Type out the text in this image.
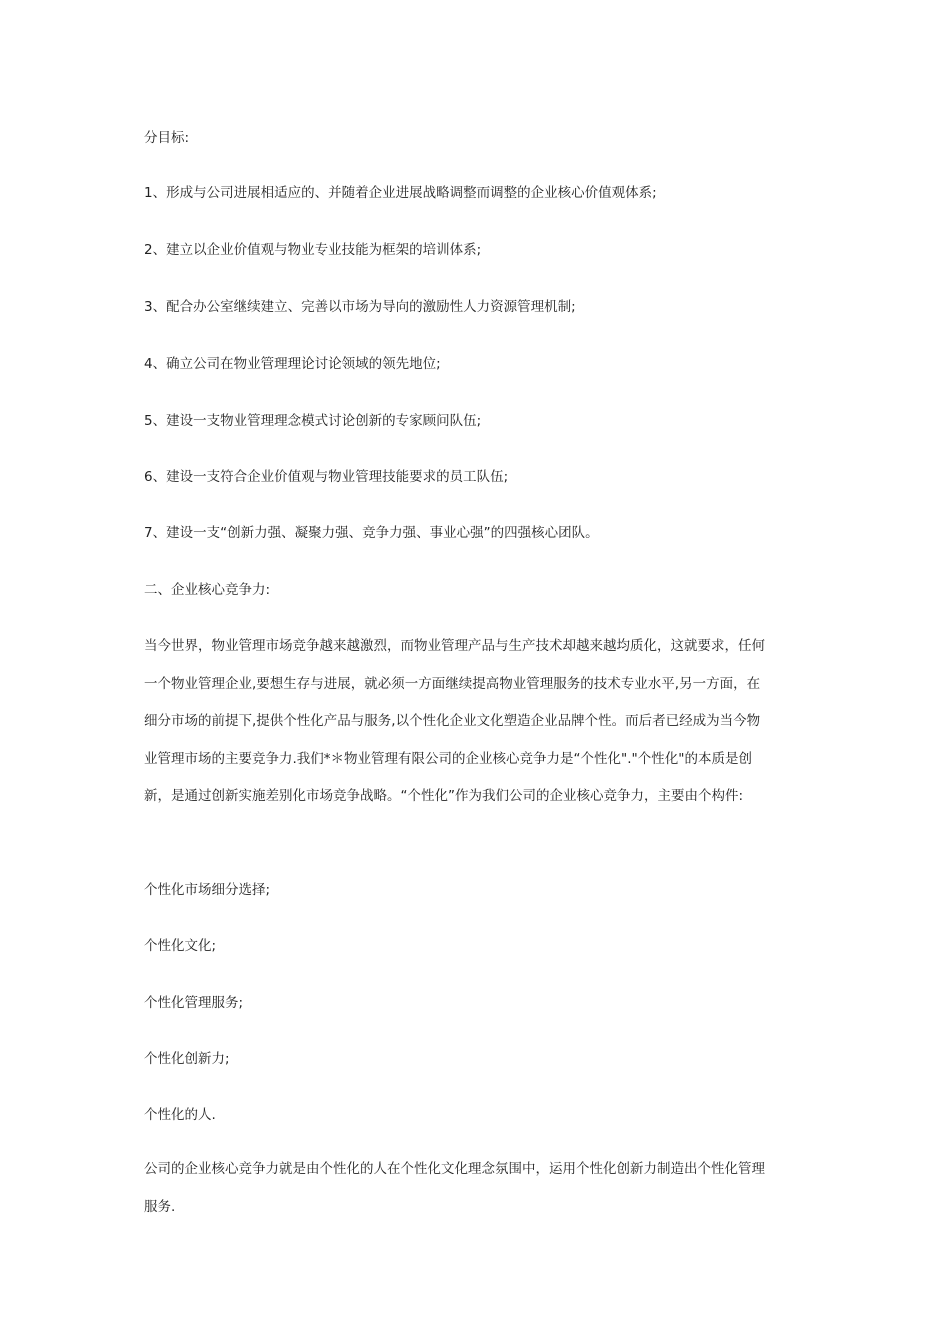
分目标:
1、形成与公司进展相适应的、并随着企业进展战略调整而调整的企业核心价值观体系;
2、建立以企业价值观与物业专业技能为框架的培训体系;
3、配合办公室继续建立、完善以市场为导向的激励性人力资源管理机制;
4、确立公司在物业管理理论讨论领域的领先地位;
5、建设一支物业管理理念模式讨论创新的专家顾问队伍;
6、建设一支符合企业价值观与物业管理技能要求的员工队伍;
7、建设一支“创新力强、凝聚力强、竞争力强、事业心强”的四强核心团队。
二、企业核心竞争力:
当今世界，物业管理市场竞争越来越激烈，而物业管理产品与生产技术却越来越均质化，这就要求，任何
一个物业管理企业,要想生存与进展，就必须一方面继续提高物业管理服务的技术专业水平,另一方面，在
细分市场的前提下,提供个性化产品与服务,以个性化企业文化塑造企业品牌个性。而后者已经成为当今物
业管理市场的主要竞争力.我们*＊物业管理有限公司的企业核心竞争力是“个性化"."个性化"的本质是创
新，是通过创新实施差别化市场竞争战略。“个性化”作为我们公司的企业核心竞争力，主要由个构件:
个性化市场细分选择;
个性化文化;
个性化管理服务;
个性化创新力;
个性化的人.
公司的企业核心竞争力就是由个性化的人在个性化文化理念氛围中，运用个性化创新力制造出个性化管理
服务.
